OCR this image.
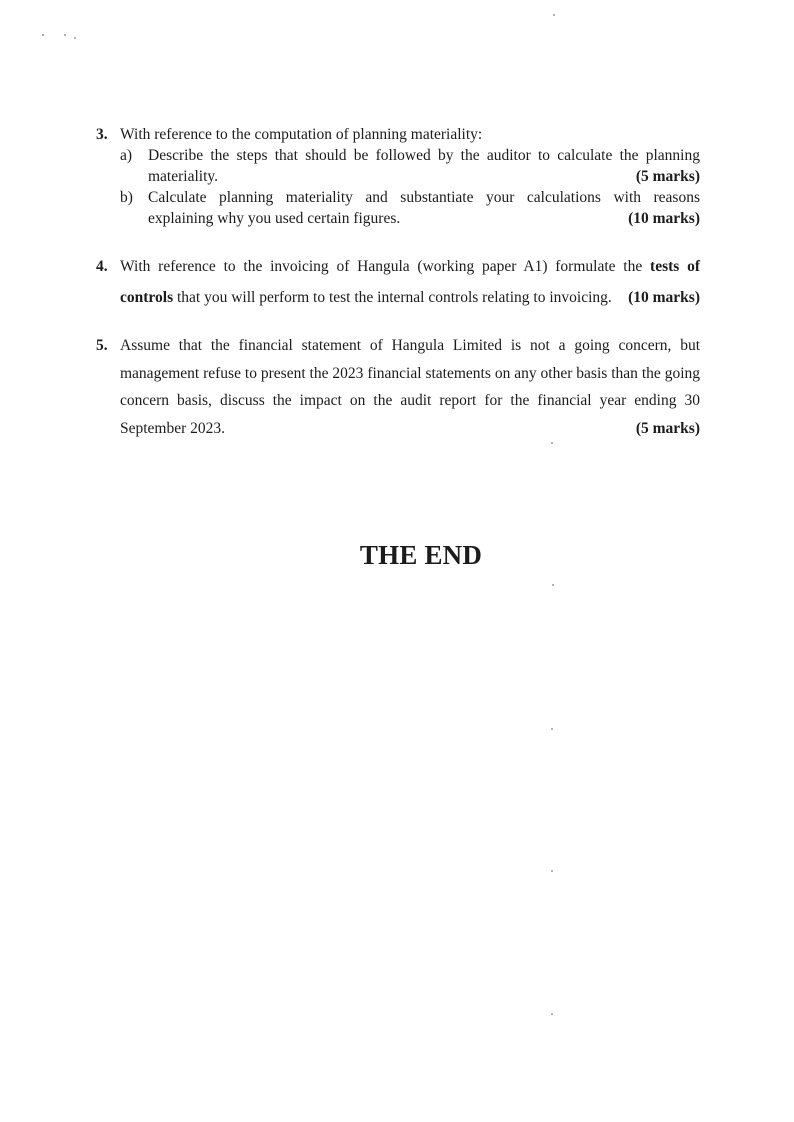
3. With reference to the computation of planning materiality:
a) Describe the steps that should be followed by the auditor to calculate the planning
materiality.	(5 marks)
b) Calculate planning materiality and substantiate your calculations with reasons
explaining why you used certain figures.	(10 marks)
4. With reference to the invoicing of Hangula (working paper A1) formulate the tests of
controls that you will perform to test the internal controls relating to invoicing. (10 marks)
5. Assume that the financial statement of Hangula Limited is not a going concern, but management refuse to present the 2023 financial statements on any other basis than the going concern basis, discuss the impact on the audit report for the financial year ending 30
September 2023.	(5 marks)
THE END
